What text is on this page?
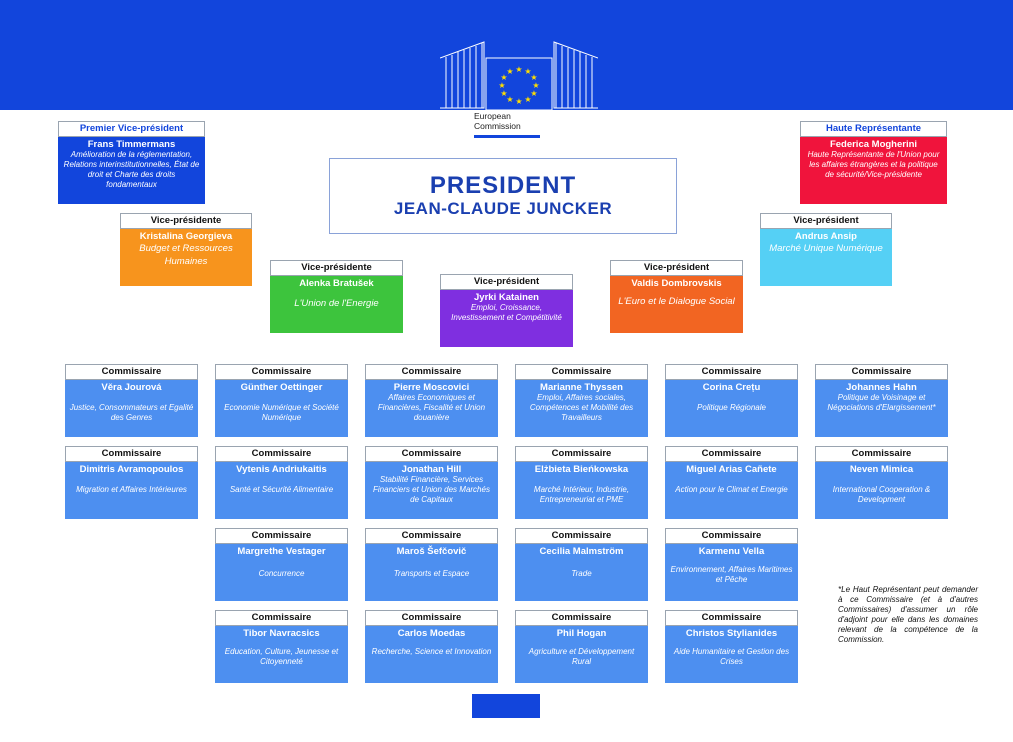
★ ★
★
★
★
★
★
★
★
★
★
★
European
Commission
PRESIDENT
JEAN-CLAUDE JUNCKER
Premier Vice-président
Frans Timmermans
Amélioration de la réglementation, Relations interinstitutionnelles, État de droit et Charte des droits fondamentaux
Haute Représentante
Federica Mogherini
Haute Représentante de l'Union pour les affaires étrangères et la politique de sécurité/Vice-présidente
Vice-présidente
Kristalina Georgieva
Budget et Ressources Humaines
Vice-président
Andrus Ansip
Marché Unique Numérique
Vice-présidente
Alenka Bratušek
L'Union de l'Energie
Vice-président
Jyrki Katainen
Emploi, Croissance, Investissement et Compétitivité
Vice-président
Valdis Dombrovskis
L'Euro et le Dialogue Social
Commissaire
Věra Jourová
Justice, Consommateurs et Egalité des Genres
Commissaire
Günther Oettinger
Economie Numérique et Société Numérique
Commissaire
Pierre Moscovici
Affaires Economiques et Financières, Fiscalité et Union douanière
Commissaire
Marianne Thyssen
Emploi, Affaires sociales, Compétences et Mobilité des Travailleurs
Commissaire
Corina Crețu
Politique Régionale
Commissaire
Johannes Hahn
Politique de Voisinage et Négociations d'Elargissement*
Commissaire
Dimitris Avramopoulos
Migration et Affaires Intérieures
Commissaire
Vytenis Andriukaitis
Santé et Sécurité Alimentaire
Commissaire
Jonathan Hill
Stabilité Financière, Services Financiers et Union des Marchés de Capitaux
Commissaire
Elżbieta Bieńkowska
Marché Intérieur, Industrie, Entrepreneuriat et PME
Commissaire
Miguel Arias Cañete
Action pour le Climat et Energie
Commissaire
Neven Mimica
International Cooperation & Development
Commissaire
Margrethe Vestager
Concurrence
Commissaire
Maroš Šefčovič
Transports et Espace
Commissaire
Cecilia Malmström
Trade
Commissaire
Karmenu Vella
Environnement, Affaires Maritimes et Pêche
Commissaire
Tibor Navracsics
Education, Culture, Jeunesse et Citoyenneté
Commissaire
Carlos Moedas
Recherche, Science et Innovation
Commissaire
Phil Hogan
Agriculture et Développement Rural
Commissaire
Christos Stylianides
Aide Humanitaire et Gestion des Crises
*Le Haut Représentant peut demander à ce Commissaire (et à d'autres Commissaires) d'assumer un rôle d'adjoint pour elle dans les domaines relevant de la compétence de la Commission.
